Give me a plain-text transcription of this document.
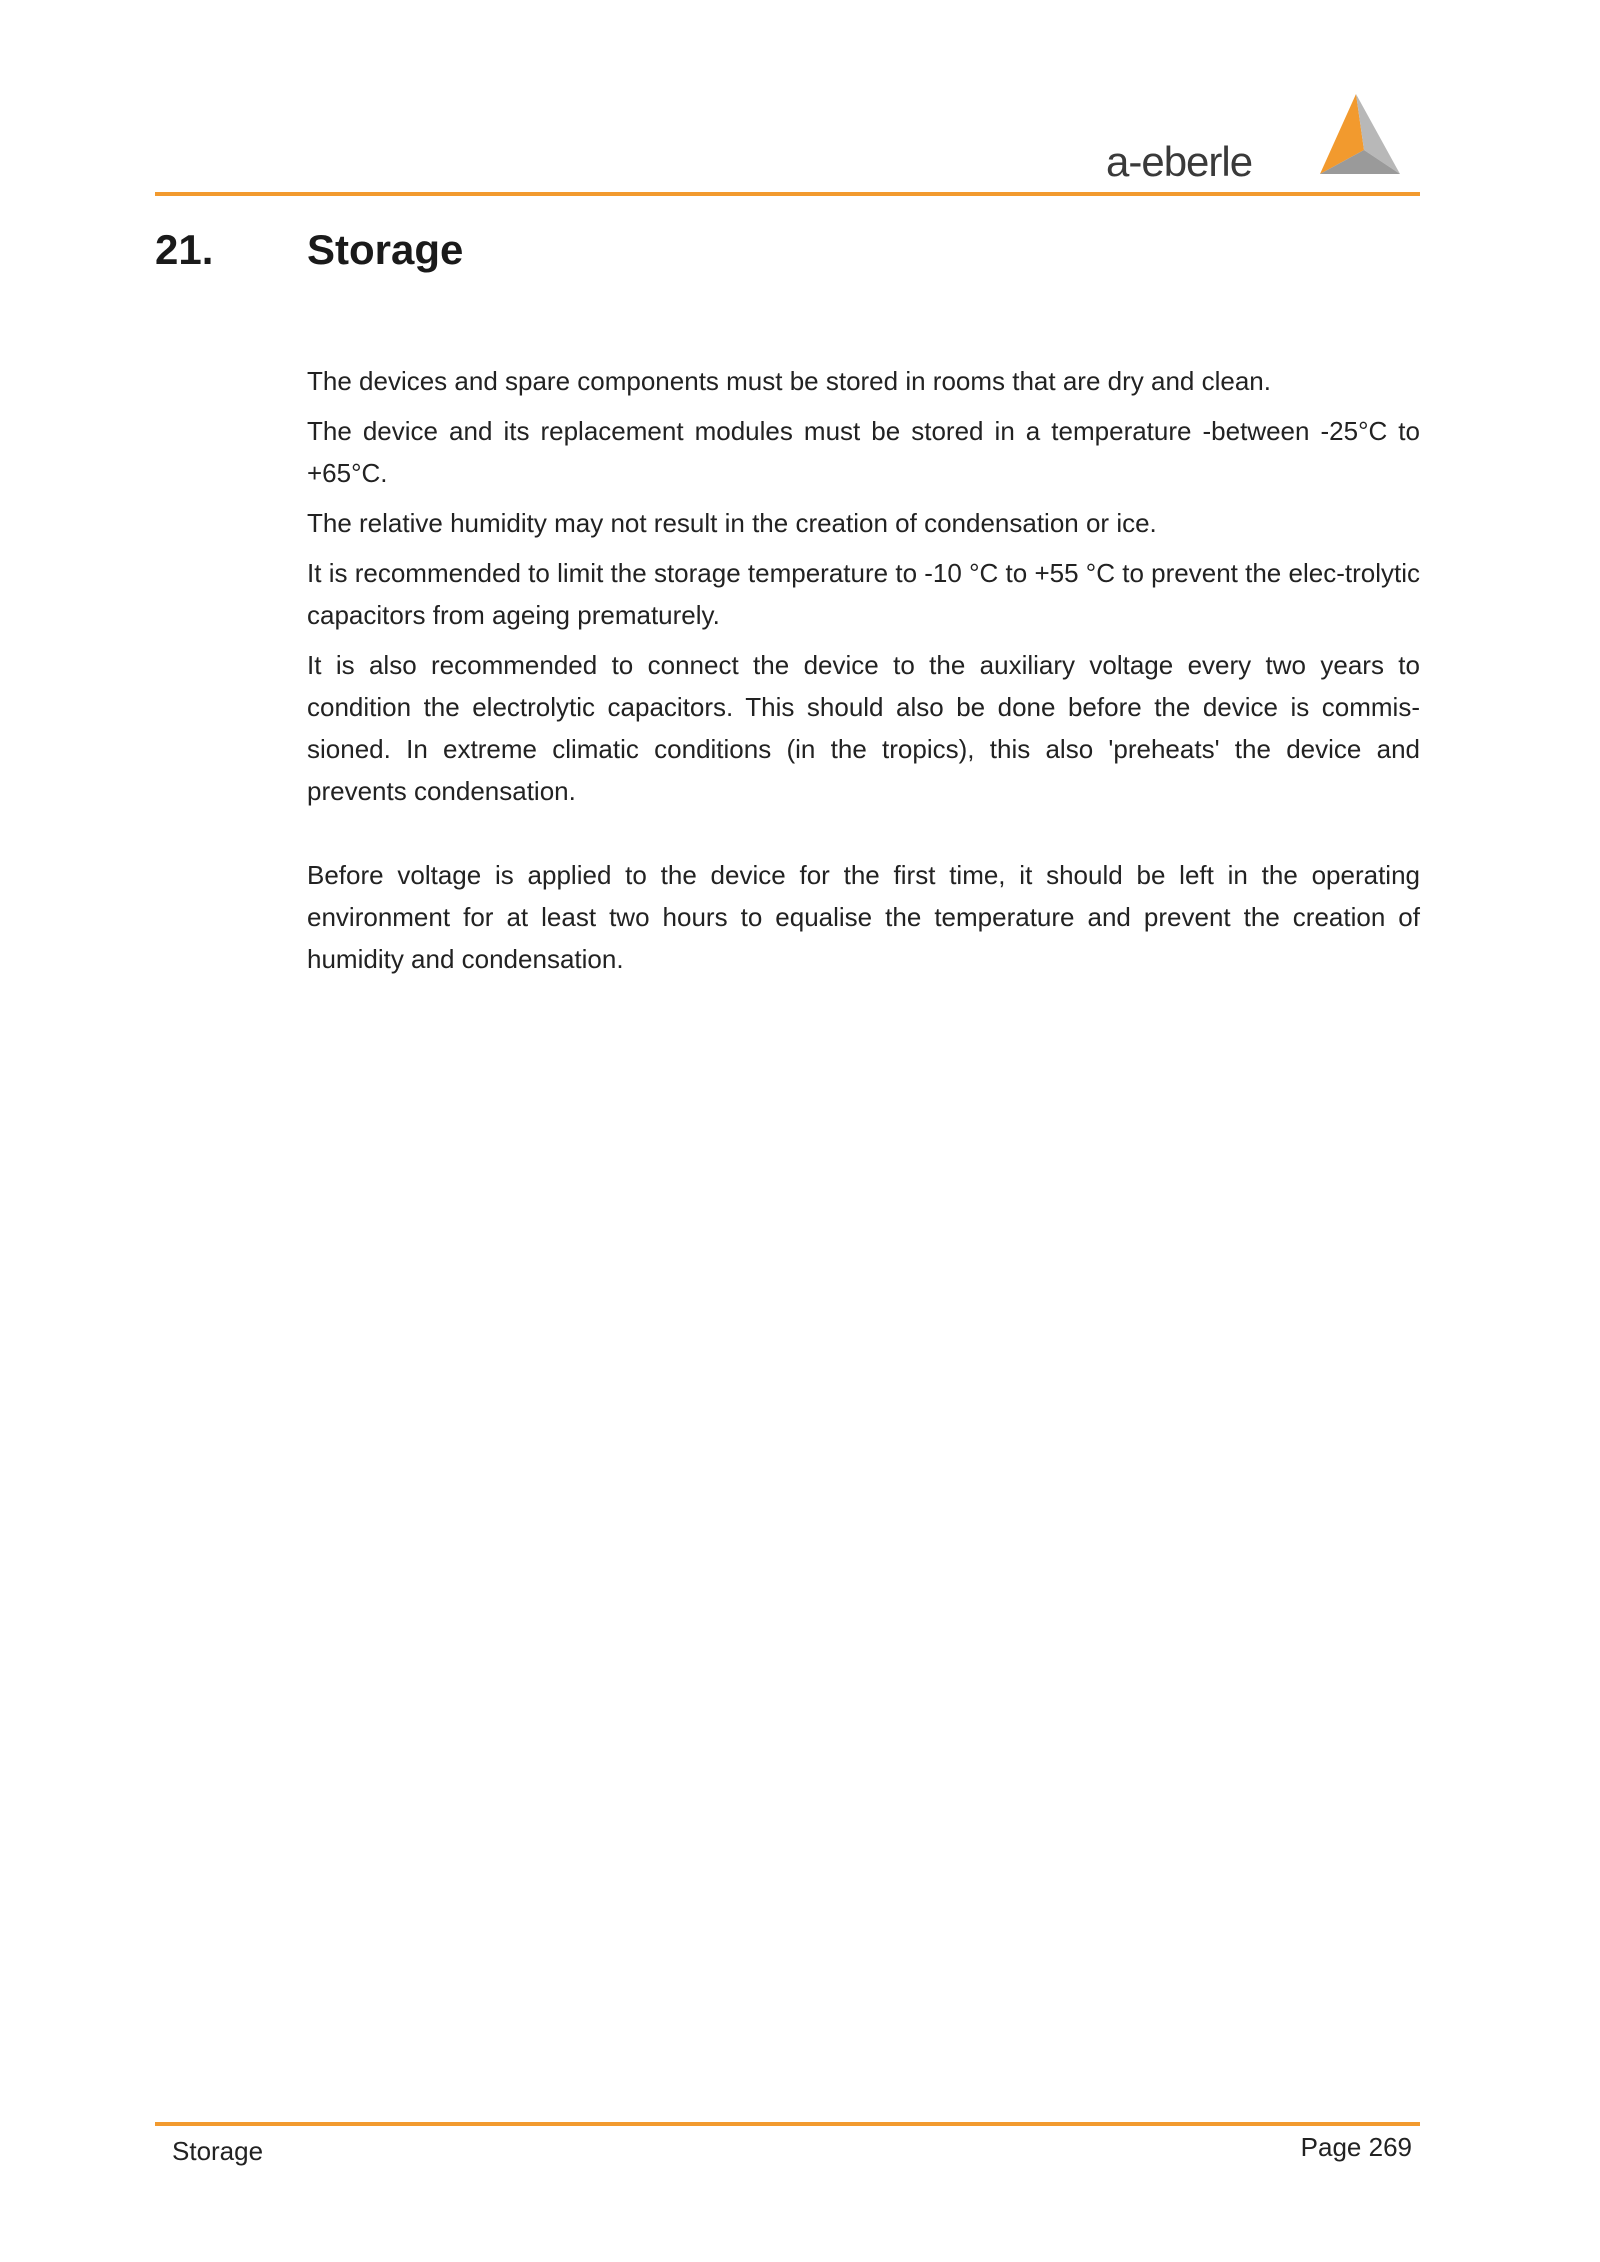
a-eberle
21. Storage

The devices and spare components must be stored in rooms that are dry and clean.

The device and its replacement modules must be stored in a temperature -between -25°C to +65°C.

The relative humidity may not result in the creation of condensation or ice.

It is recommended to limit the storage temperature to -10 °C to +55 °C to prevent the elec-trolytic capacitors from ageing prematurely.

It is also recommended to connect the device to the auxiliary voltage every two years to condition the electrolytic capacitors. This should also be done before the device is commis-sioned. In extreme climatic conditions (in the tropics), this also 'preheats' the device and prevents condensation.

Before voltage is applied to the device for the first time, it should be left in the operating environment for at least two hours to equalise the temperature and prevent the creation of humidity and condensation.

Storage	Page 269
